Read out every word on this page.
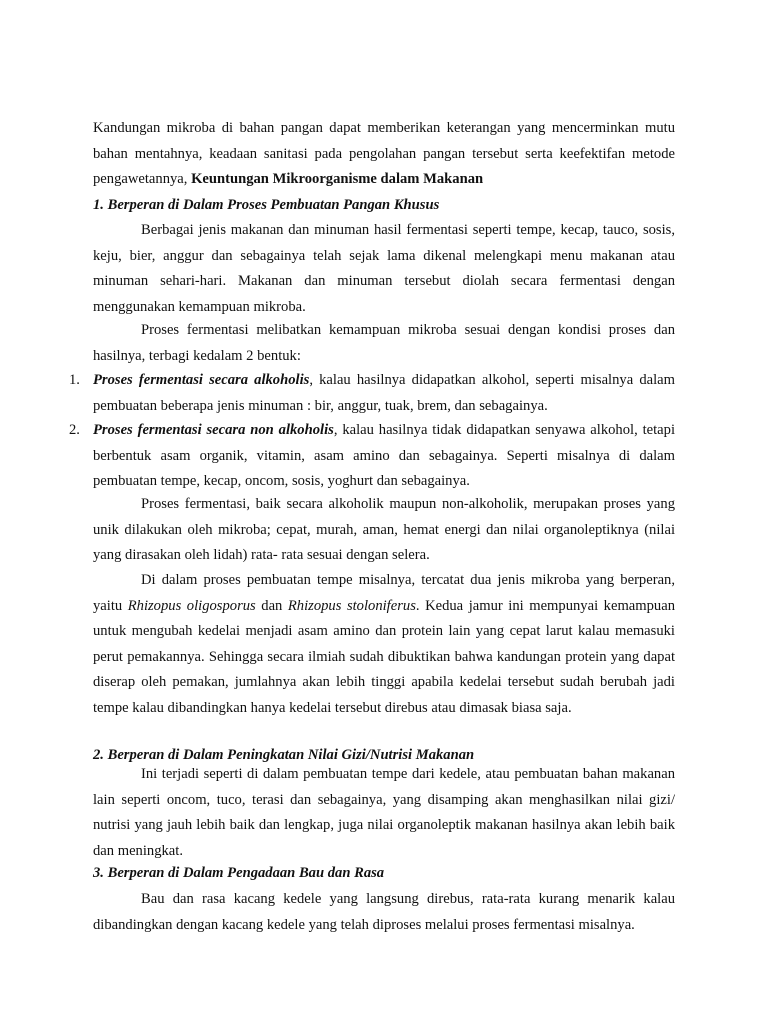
Kandungan mikroba di bahan pangan dapat memberikan keterangan yang mencerminkan mutu bahan mentahnya, keadaan sanitasi pada pengolahan pangan tersebut serta keefektifan metode pengawetannya, Keuntungan Mikroorganisme dalam Makanan

1. Berperan di Dalam Proses Pembuatan Pangan Khusus

Berbagai jenis makanan dan minuman hasil fermentasi seperti tempe, kecap, tauco, sosis, keju, bier, anggur dan sebagainya telah sejak lama dikenal melengkapi menu makanan atau minuman sehari-hari. Makanan dan minuman tersebut diolah secara fermentasi dengan menggunakan kemampuan mikroba.

Proses fermentasi melibatkan kemampuan mikroba sesuai dengan kondisi proses dan hasilnya, terbagi kedalam 2 bentuk:

1. Proses fermentasi secara alkoholis, kalau hasilnya didapatkan alkohol, seperti misalnya dalam pembuatan beberapa jenis minuman : bir, anggur, tuak, brem, dan sebagainya.

2. Proses fermentasi secara non alkoholis, kalau hasilnya tidak didapatkan senyawa alkohol, tetapi berbentuk asam organik, vitamin, asam amino dan sebagainya. Seperti misalnya di dalam pembuatan tempe, kecap, oncom, sosis, yoghurt dan sebagainya.

Proses fermentasi, baik secara alkoholik maupun non-alkoholik, merupakan proses yang unik dilakukan oleh mikroba; cepat, murah, aman, hemat energi dan nilai organoleptiknya (nilai yang dirasakan oleh lidah) rata- rata sesuai dengan selera.

Di dalam proses pembuatan tempe misalnya, tercatat dua jenis mikroba yang berperan, yaitu Rhizopus oligosporus dan Rhizopus stoloniferus. Kedua jamur ini mempunyai kemampuan untuk mengubah kedelai menjadi asam amino dan protein lain yang cepat larut kalau memasuki perut pemakannya. Sehingga secara ilmiah sudah dibuktikan bahwa kandungan protein yang dapat diserap oleh pemakan, jumlahnya akan lebih tinggi apabila kedelai tersebut sudah berubah jadi tempe kalau dibandingkan hanya kedelai tersebut direbus atau dimasak biasa saja.

2. Berperan di Dalam Peningkatan Nilai Gizi/Nutrisi Makanan

Ini terjadi seperti di dalam pembuatan tempe dari kedele, atau pembuatan bahan makanan lain seperti oncom, tuco, terasi dan sebagainya, yang disamping akan menghasilkan nilai gizi/ nutrisi yang jauh lebih baik dan lengkap, juga nilai organoleptik makanan hasilnya akan lebih baik dan meningkat.

3. Berperan di Dalam Pengadaan Bau dan Rasa

Bau dan rasa kacang kedele yang langsung direbus, rata-rata kurang menarik kalau dibandingkan dengan kacang kedele yang telah diproses melalui proses fermentasi misalnya.
